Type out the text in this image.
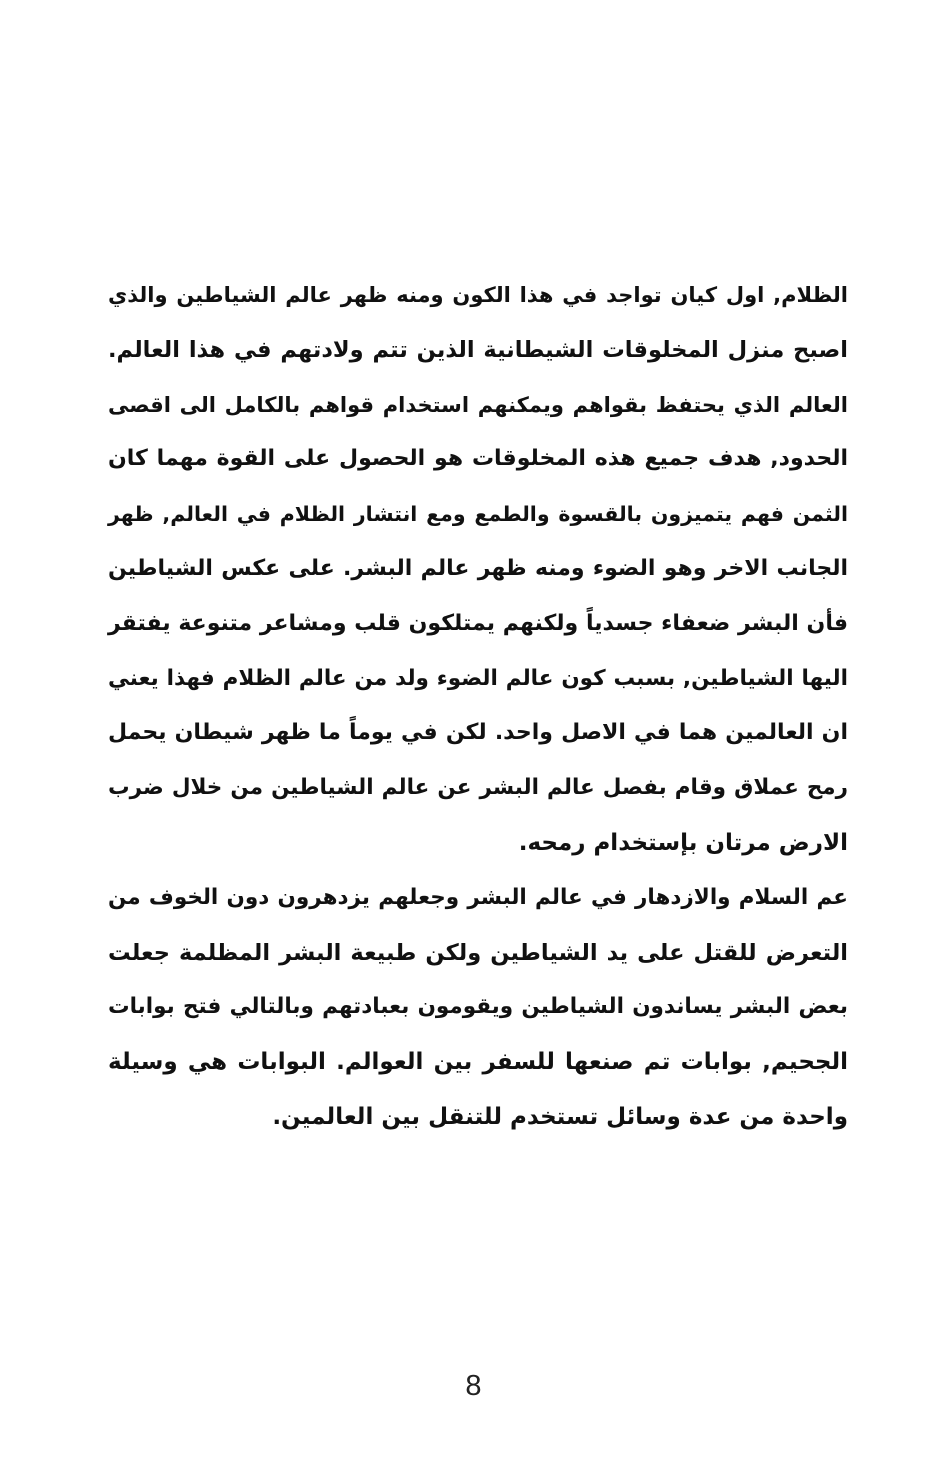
الظلام, اول كيان تواجد في هذا الكون ومنه ظهر عالم الشياطين والذي
اصبح منزل المخلوقات الشيطانية الذين تتم ولادتهم في هذا العالم.
العالم الذي يحتفظ بقواهم ويمكنهم استخدام قواهم بالكامل الى اقصى
الحدود, هدف جميع هذه المخلوقات هو الحصول على القوة مهما كان
الثمن فهم يتميزون بالقسوة والطمع ومع انتشار الظلام في العالم, ظهر
الجانب الاخر وهو الضوء ومنه ظهر عالم البشر. على عكس الشياطين
فأن البشر ضعفاء جسدياً ولكنهم يمتلكون قلب ومشاعر متنوعة يفتقر
اليها الشياطين, بسبب كون عالم الضوء ولد من عالم الظلام فهذا يعني
ان العالمين هما في الاصل واحد. لكن في يوماً ما ظهر شيطان يحمل
رمح عملاق وقام بفصل عالم البشر عن عالم الشياطين من خلال ضرب
الارض مرتان بإستخدام رمحه.
عم السلام والازدهار في عالم البشر وجعلهم يزدهرون دون الخوف من
التعرض للقتل على يد الشياطين ولكن طبيعة البشر المظلمة جعلت
بعض البشر يساندون الشياطين ويقومون بعبادتهم وبالتالي فتح بوابات
الجحيم, بوابات تم صنعها للسفر بين العوالم. البوابات هي وسيلة
واحدة من عدة وسائل تستخدم للتنقل بين العالمين.
8
